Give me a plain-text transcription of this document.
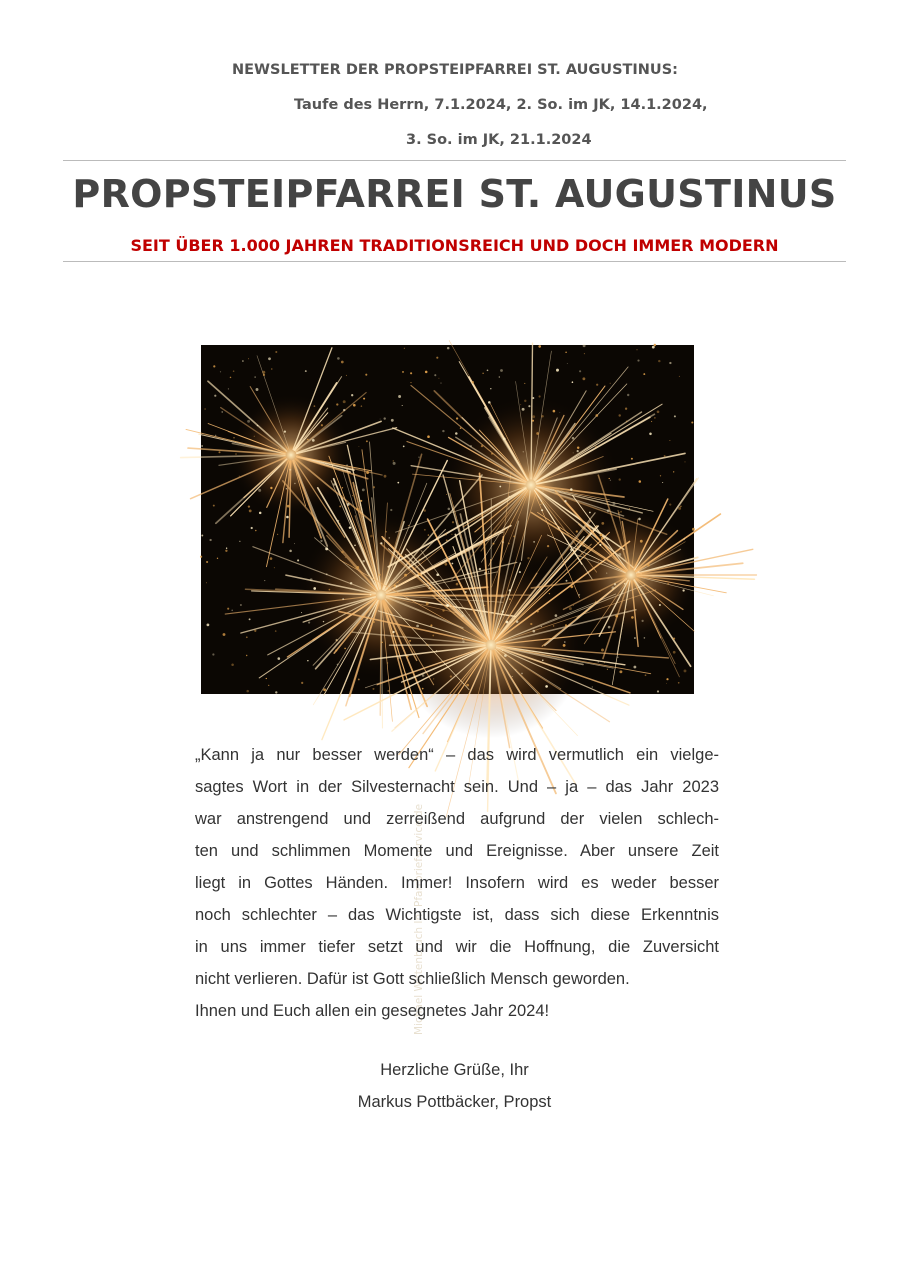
NEWSLETTER DER PROPSTEIPFARREI ST. AUGUSTINUS:
Taufe des Herrn, 7.1.2024, 2. So. im JK, 14.1.2024,
3. So. im JK, 21.1.2024
PROPSTEIPFARREI ST. AUGUSTINUS
SEIT ÜBER 1.000 JAHREN TRADITIONSREICH UND DOCH IMMER MODERN
Michael Wittenbruch In: Pfarrbriefservice.de
„Kann ja nur besser werden“ – das wird vermutlich ein vielge-
sagtes Wort in der Silvesternacht sein. Und – ja – das Jahr 2023
war anstrengend und zerreißend aufgrund der vielen schlech-
ten und schlimmen Momente und Ereignisse. Aber unsere Zeit
liegt in Gottes Händen. Immer! Insofern wird es weder besser
noch schlechter – das Wichtigste ist, dass sich diese Erkenntnis
in uns immer tiefer setzt und wir die Hoffnung, die Zuversicht
nicht verlieren. Dafür ist Gott schließlich Mensch geworden.
Ihnen und Euch allen ein gesegnetes Jahr 2024!
Herzliche Grüße, Ihr
Markus Pottbäcker, Propst
